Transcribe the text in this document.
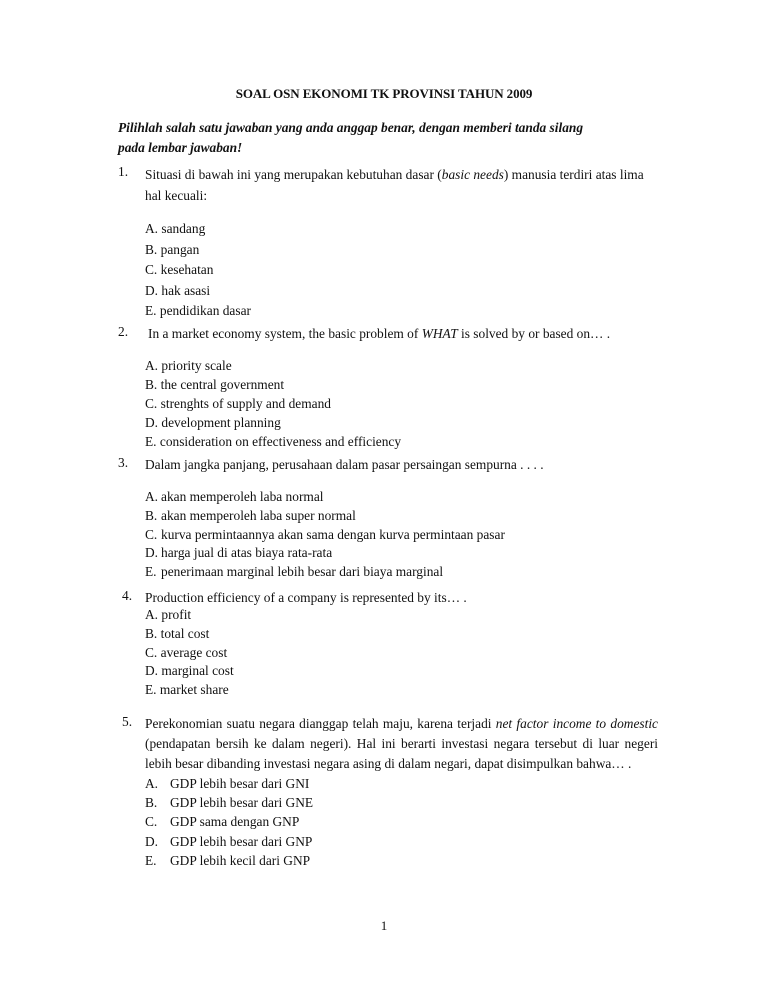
SOAL OSN EKONOMI TK PROVINSI TAHUN 2009
Pilihlah salah satu jawaban yang anda anggap benar, dengan memberi tanda silang
pada lembar jawaban!
1. Situasi di bawah ini yang merupakan kebutuhan dasar (basic needs) manusia terdiri atas lima hal kecuali:
A. sandang
B. pangan
C. kesehatan
D. hak asasi
E. pendidikan dasar
2. In a market economy system, the basic problem of WHAT is solved by or based on… .
A. priority scale
B. the central government
C. strenghts of supply and demand
D. development planning
E. consideration on effectiveness and efficiency
3. Dalam jangka panjang, perusahaan dalam pasar persaingan sempurna . . . .
A. akan memperoleh laba normal
B. akan memperoleh laba super normal
C. kurva permintaannya akan sama dengan kurva permintaan pasar
D. harga jual di atas biaya rata-rata
E. penerimaan marginal lebih besar dari biaya marginal
4. Production efficiency of a company is represented by its… .
A. profit
B. total cost
C. average cost
D. marginal cost
E. market share
5. Perekonomian suatu negara dianggap telah maju, karena terjadi net factor income to domestic (pendapatan bersih ke dalam negeri). Hal ini berarti investasi negara tersebut di luar negeri lebih besar dibanding investasi negara asing di dalam negari, dapat disimpulkan bahwa… .
A. GDP lebih besar dari GNI
B. GDP lebih besar dari GNE
C. GDP sama dengan GNP
D. GDP lebih besar dari GNP
E. GDP lebih kecil dari GNP
1
